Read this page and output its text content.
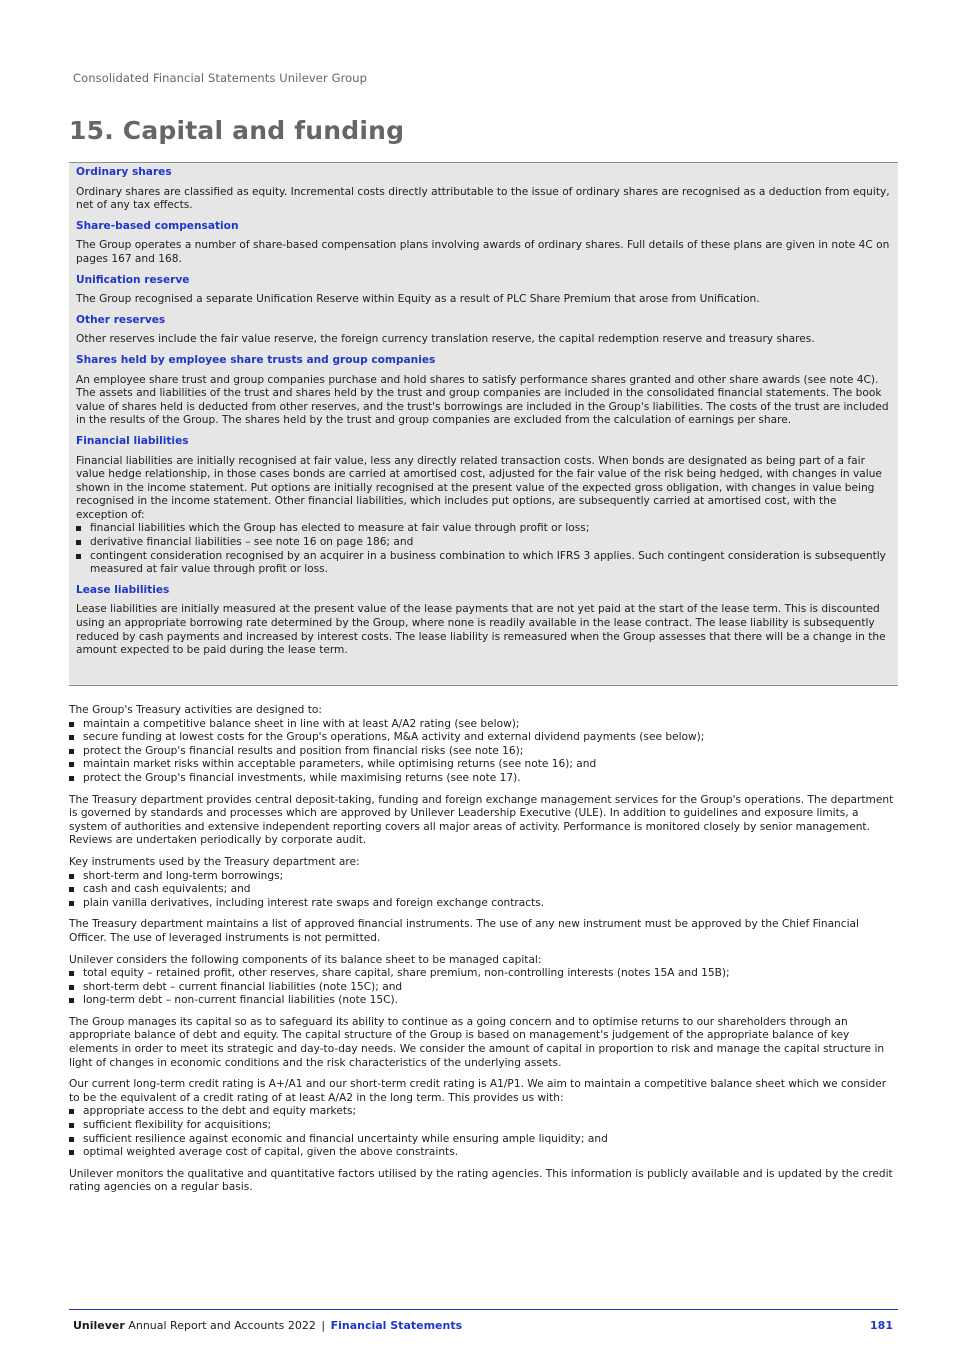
Consolidated Financial Statements Unilever Group
15. Capital and funding
Ordinary shares

Ordinary shares are classified as equity. Incremental costs directly attributable to the issue of ordinary shares are recognised as a deduction from equity, net of any tax effects.

Share-based compensation

The Group operates a number of share-based compensation plans involving awards of ordinary shares. Full details of these plans are given in note 4C on pages 167 and 168.

Unification reserve

The Group recognised a separate Unification Reserve within Equity as a result of PLC Share Premium that arose from Unification.

Other reserves

Other reserves include the fair value reserve, the foreign currency translation reserve, the capital redemption reserve and treasury shares.

Shares held by employee share trusts and group companies

An employee share trust and group companies purchase and hold shares to satisfy performance shares granted and other share awards (see note 4C). The assets and liabilities of the trust and shares held by the trust and group companies are included in the consolidated financial statements. The book value of shares held is deducted from other reserves, and the trust's borrowings are included in the Group's liabilities. The costs of the trust are included in the results of the Group. The shares held by the trust and group companies are excluded from the calculation of earnings per share.

Financial liabilities

Financial liabilities are initially recognised at fair value, less any directly related transaction costs. When bonds are designated as being part of a fair value hedge relationship, in those cases bonds are carried at amortised cost, adjusted for the fair value of the risk being hedged, with changes in value shown in the income statement. Put options are initially recognised at the present value of the expected gross obligation, with changes in value being recognised in the income statement. Other financial liabilities, which includes put options, are subsequently carried at amortised cost, with the exception of:

financial liabilities which the Group has elected to measure at fair value through profit or loss;
derivative financial liabilities – see note 16 on page 186; and
contingent consideration recognised by an acquirer in a business combination to which IFRS 3 applies. Such contingent consideration is subsequently measured at fair value through profit or loss.
Lease liabilities

Lease liabilities are initially measured at the present value of the lease payments that are not yet paid at the start of the lease term. This is discounted using an appropriate borrowing rate determined by the Group, where none is readily available in the lease contract. The lease liability is subsequently reduced by cash payments and increased by interest costs. The lease liability is remeasured when the Group assesses that there will be a change in the amount expected to be paid during the lease term.

The Group's Treasury activities are designed to:

maintain a competitive balance sheet in line with at least A/A2 rating (see below);
secure funding at lowest costs for the Group's operations, M&A activity and external dividend payments (see below);
protect the Group's financial results and position from financial risks (see note 16);
maintain market risks within acceptable parameters, while optimising returns (see note 16); and
protect the Group's financial investments, while maximising returns (see note 17).

The Treasury department provides central deposit-taking, funding and foreign exchange management services for the Group's operations. The department is governed by standards and processes which are approved by Unilever Leadership Executive (ULE). In addition to guidelines and exposure limits, a system of authorities and extensive independent reporting covers all major areas of activity. Performance is monitored closely by senior management. Reviews are undertaken periodically by corporate audit.

Key instruments used by the Treasury department are:

short-term and long-term borrowings;
cash and cash equivalents; and
plain vanilla derivatives, including interest rate swaps and foreign exchange contracts.

The Treasury department maintains a list of approved financial instruments. The use of any new instrument must be approved by the Chief Financial Officer. The use of leveraged instruments is not permitted.

Unilever considers the following components of its balance sheet to be managed capital:

total equity – retained profit, other reserves, share capital, share premium, non-controlling interests (notes 15A and 15B);
short-term debt – current financial liabilities (note 15C); and
long-term debt – non-current financial liabilities (note 15C).

The Group manages its capital so as to safeguard its ability to continue as a going concern and to optimise returns to our shareholders through an appropriate balance of debt and equity. The capital structure of the Group is based on management's judgement of the appropriate balance of key elements in order to meet its strategic and day-to-day needs. We consider the amount of capital in proportion to risk and manage the capital structure in light of changes in economic conditions and the risk characteristics of the underlying assets.

Our current long-term credit rating is A+/A1 and our short-term credit rating is A1/P1. We aim to maintain a competitive balance sheet which we consider to be the equivalent of a credit rating of at least A/A2 in the long term. This provides us with:

appropriate access to the debt and equity markets;
sufficient flexibility for acquisitions;
sufficient resilience against economic and financial uncertainty while ensuring ample liquidity; and
optimal weighted average cost of capital, given the above constraints.

Unilever monitors the qualitative and quantitative factors utilised by the rating agencies. This information is publicly available and is updated by the credit rating agencies on a regular basis.

Unilever Annual Report and Accounts 2022 | Financial Statements	181
